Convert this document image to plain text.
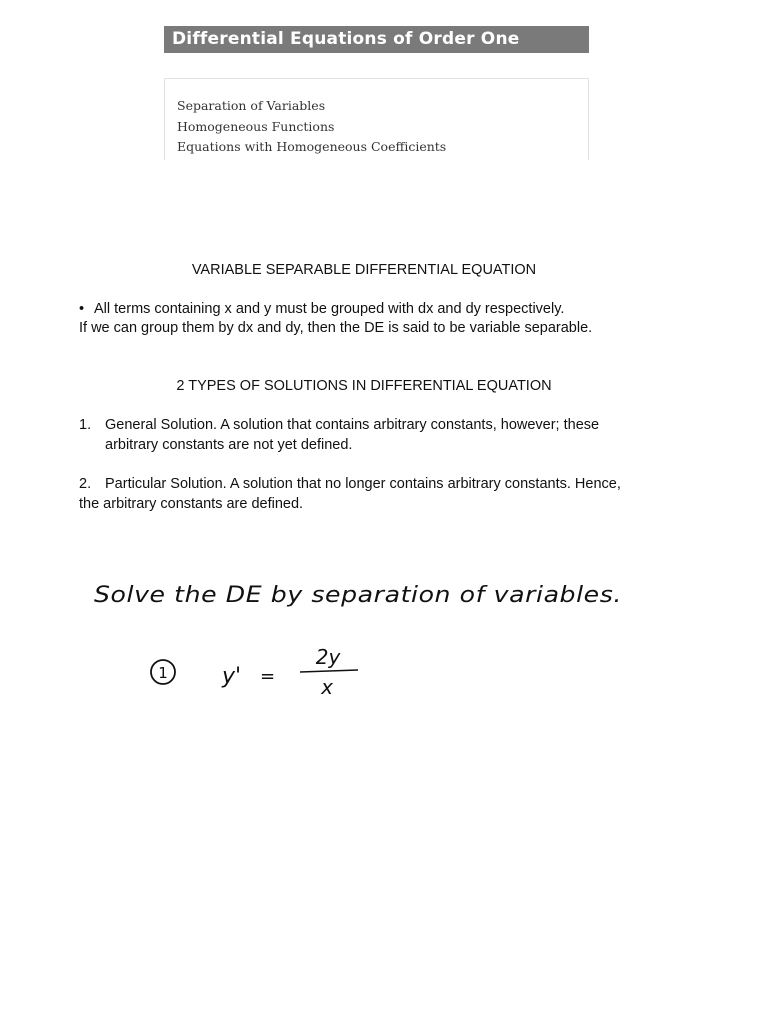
Differential Equations of Order One
Separation of Variables
Homogeneous Functions
Equations with Homogeneous Coefficients
VARIABLE SEPARABLE DIFFERENTIAL EQUATION
• All terms containing x and y must be grouped with dx and dy respectively.
If we can group them by dx and dy, then the DE is said to be variable separable.
2 TYPES OF SOLUTIONS IN DIFFERENTIAL EQUATION
1. General Solution. A solution that contains arbitrary constants, however; these
arbitrary constants are not yet defined.
2. Particular Solution. A solution that no longer contains arbitrary constants. Hence,
the arbitrary constants are defined.
Solve the DE by separation of variables.
1 y' =
2y
x
